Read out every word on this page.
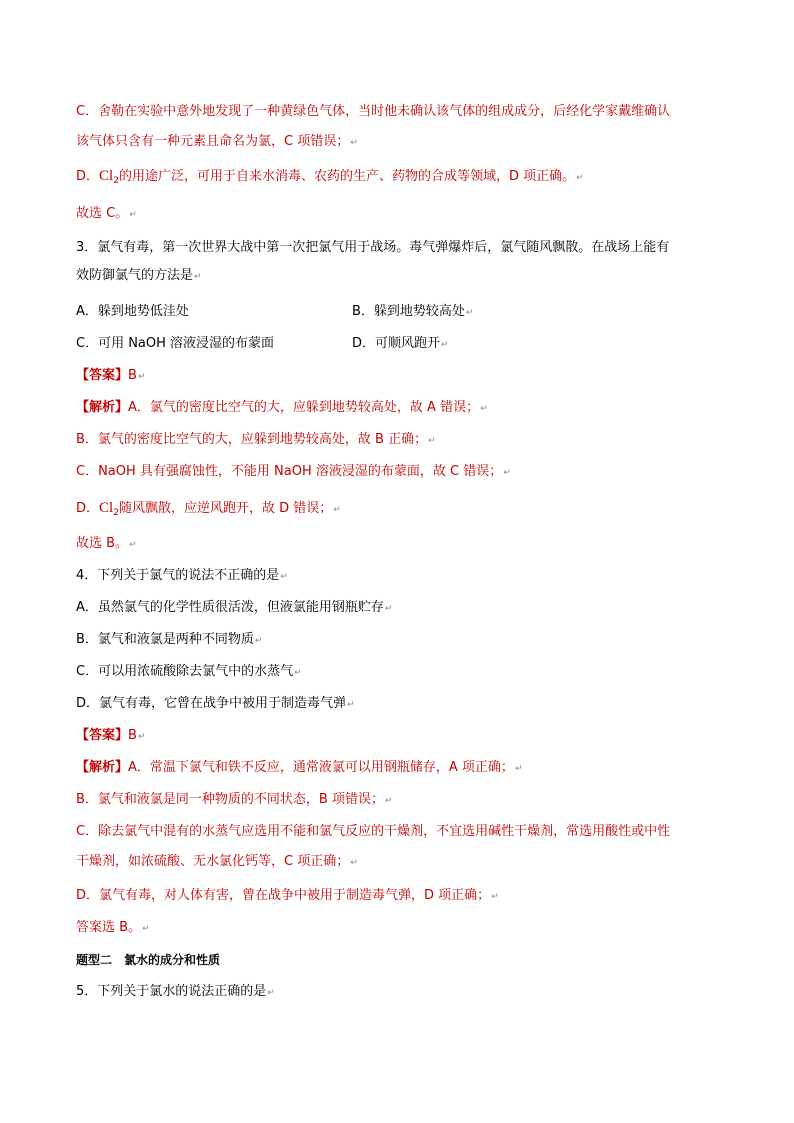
C．舍勒在实验中意外地发现了一种黄绿色气体，当时他未确认该气体的组成成分，后经化学家戴维确认
该气体只含有一种元素且命名为氯，C 项错误；↵
D．$Cl_2$的用途广泛，可用于自来水消毒、农药的生产、药物的合成等领域，D 项正确。↵
故选 C。↵
3．氯气有毒，第一次世界大战中第一次把氯气用于战场。毒气弹爆炸后，氯气随风飘散。在战场上能有
效防御氯气的方法是↵
A．躲到地势低洼处	B．躲到地势较高处↵
C．可用 NaOH 溶液浸湿的布蒙面	D．可顺风跑开↵
【答案】B↵
【解析】A．氯气的密度比空气的大，应躲到地势较高处，故 A 错误；↵
B．氯气的密度比空气的大，应躲到地势较高处，故 B 正确；↵
C．NaOH 具有强腐蚀性，不能用 NaOH 溶液浸湿的布蒙面，故 C 错误；↵
D．$Cl_2$随风飘散，应逆风跑开，故 D 错误；↵
故选 B。↵
4．下列关于氯气的说法不正确的是↵
A．虽然氯气的化学性质很活泼，但液氯能用钢瓶贮存↵
B．氯气和液氯是两种不同物质↵
C．可以用浓硫酸除去氯气中的水蒸气↵
D．氯气有毒，它曾在战争中被用于制造毒气弹↵
【答案】B↵
【解析】A．常温下氯气和铁不反应，通常液氯可以用钢瓶储存，A 项正确；↵
B．氯气和液氯是同一种物质的不同状态，B 项错误；↵
C．除去氯气中混有的水蒸气应选用不能和氯气反应的干燥剂，不宜选用碱性干燥剂，常选用酸性或中性
干燥剂，如浓硫酸、无水氯化钙等，C 项正确；↵
D．氯气有毒，对人体有害，曾在战争中被用于制造毒气弹，D 项正确；↵
答案选 B。↵
题型二　氯水的成分和性质
5．下列关于氯水的说法正确的是↵
